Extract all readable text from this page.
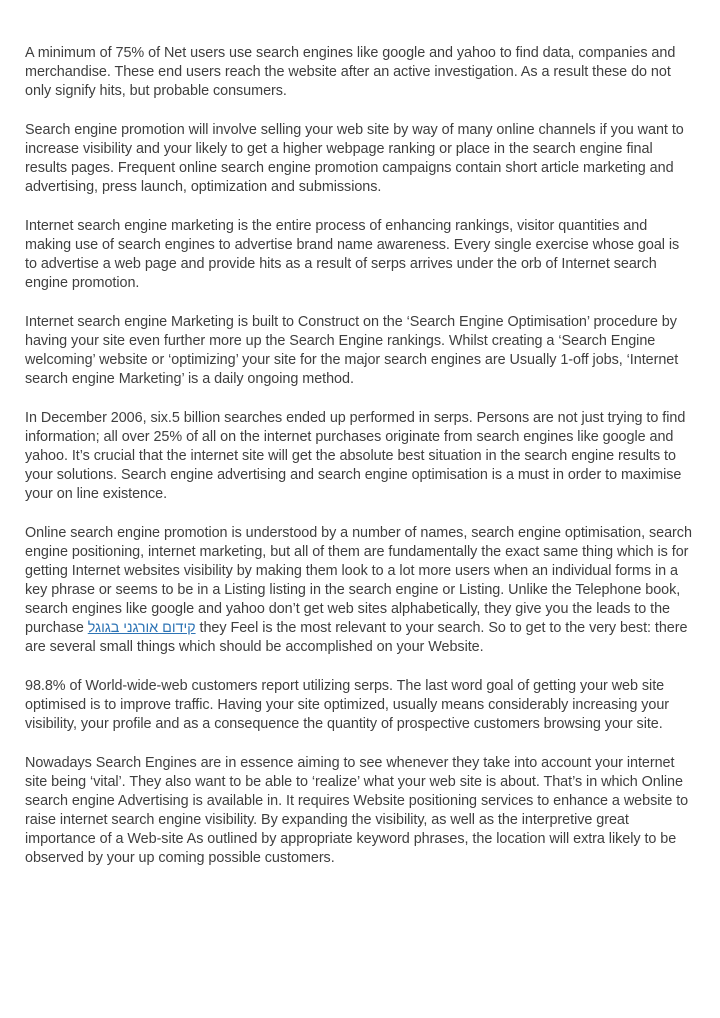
A minimum of 75% of Net users use search engines like google and yahoo to find data, companies and merchandise. These end users reach the website after an active investigation. As a result these do not only signify hits, but probable consumers.

Search engine promotion will involve selling your web site by way of many online channels if you want to increase visibility and your likely to get a higher webpage ranking or place in the search engine final results pages. Frequent online search engine promotion campaigns contain short article marketing and advertising, press launch, optimization and submissions.

Internet search engine marketing is the entire process of enhancing rankings, visitor quantities and making use of search engines to advertise brand name awareness. Every single exercise whose goal is to advertise a web page and provide hits as a result of serps arrives under the orb of Internet search engine promotion.

Internet search engine Marketing is built to Construct on the ‘Search Engine Optimisation’ procedure by having your site even further more up the Search Engine rankings. Whilst creating a ‘Search Engine welcoming’ website or ‘optimizing’ your site for the major search engines are Usually 1-off jobs, ‘Internet search engine Marketing’ is a daily ongoing method.

In December 2006, six.5 billion searches ended up performed in serps. Persons are not just trying to find information; all over 25% of all on the internet purchases originate from search engines like google and yahoo. It’s crucial that the internet site will get the absolute best situation in the search engine results to your solutions. Search engine advertising and search engine optimisation is a must in order to maximise your on line existence.

Online search engine promotion is understood by a number of names, search engine optimisation, search engine positioning, internet marketing, but all of them are fundamentally the exact same thing which is for getting Internet websites visibility by making them look to a lot more users when an individual forms in a key phrase or seems to be in a Listing listing in the search engine or Listing. Unlike the Telephone book, search engines like google and yahoo don’t get web sites alphabetically, they give you the leads to the purchase קידום אורגני בגוגל they Feel is the most relevant to your search. So to get to the very best: there are several small things which should be accomplished on your Website.

98.8% of World-wide-web customers report utilizing serps. The last word goal of getting your web site optimised is to improve traffic. Having your site optimized, usually means considerably increasing your visibility, your profile and as a consequence the quantity of prospective customers browsing your site.

Nowadays Search Engines are in essence aiming to see whenever they take into account your internet site being ‘vital’. They also want to be able to ‘realize’ what your web site is about. That’s in which Online search engine Advertising is available in. It requires Website positioning services to enhance a website to raise internet search engine visibility. By expanding the visibility, as well as the interpretive great importance of a Web-site As outlined by appropriate keyword phrases, the location will extra likely to be observed by your up coming possible customers.
